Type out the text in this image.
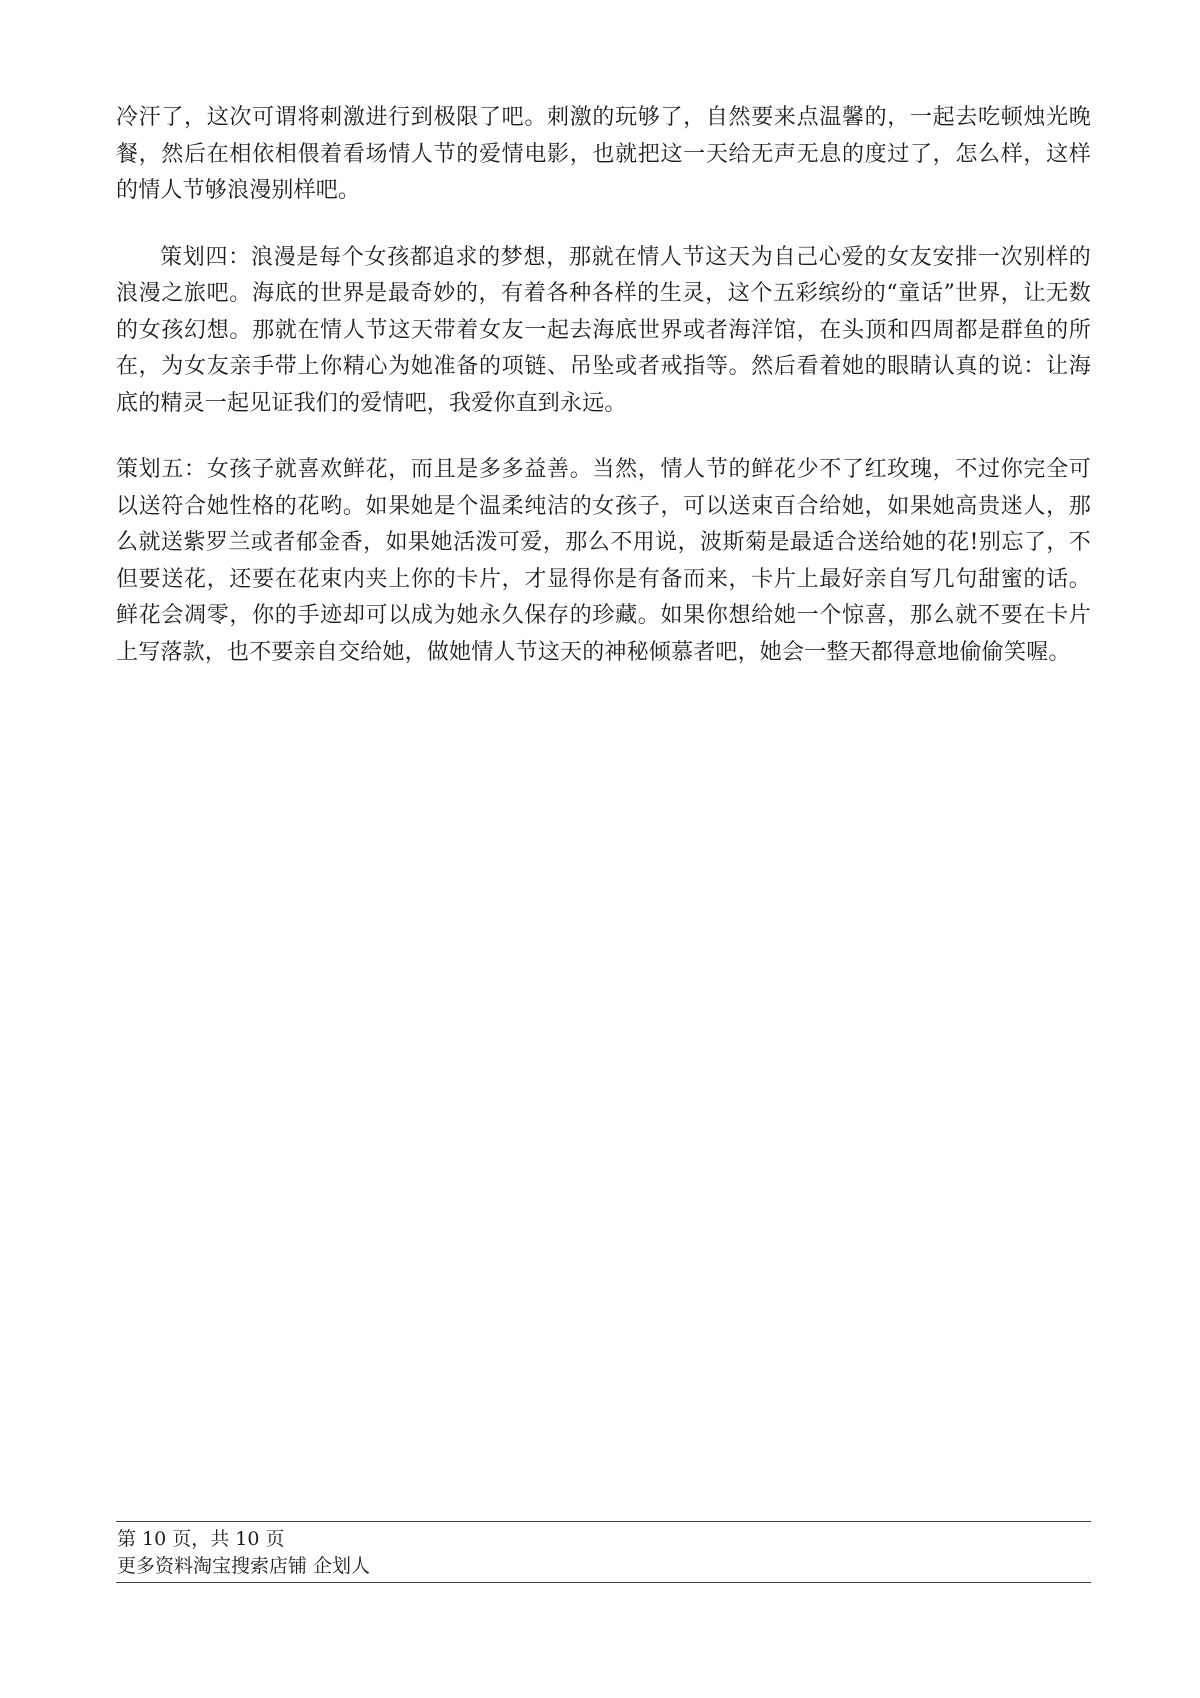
冷汗了，这次可谓将刺激进行到极限了吧。刺激的玩够了，自然要来点温馨的，一起去吃顿烛光晚餐，然后在相依相偎着看场情人节的爱情电影，也就把这一天给无声无息的度过了，怎么样，这样的情人节够浪漫别样吧。

策划四：浪漫是每个女孩都追求的梦想，那就在情人节这天为自己心爱的女友安排一次别样的浪漫之旅吧。海底的世界是最奇妙的，有着各种各样的生灵，这个五彩缤纷的“童话”世界，让无数的女孩幻想。那就在情人节这天带着女友一起去海底世界或者海洋馆，在头顶和四周都是群鱼的所在，为女友亲手带上你精心为她准备的项链、吊坠或者戒指等。然后看着她的眼睛认真的说：让海底的精灵一起见证我们的爱情吧，我爱你直到永远。

策划五：女孩子就喜欢鲜花，而且是多多益善。当然，情人节的鲜花少不了红玫瑰，不过你完全可以送符合她性格的花哟。如果她是个温柔纯洁的女孩子，可以送束百合给她，如果她高贵迷人，那么就送紫罗兰或者郁金香，如果她活泼可爱，那么不用说，波斯菊是最适合送给她的花!别忘了，不但要送花，还要在花束内夹上你的卡片，才显得你是有备而来，卡片上最好亲自写几句甜蜜的话。鲜花会凋零，你的手迹却可以成为她永久保存的珍藏。如果你想给她一个惊喜，那么就不要在卡片上写落款，也不要亲自交给她，做她情人节这天的神秘倾慕者吧，她会一整天都得意地偷偷笑喔。

第 10 页，共 10 页

更多资料淘宝搜索店铺 企划人
